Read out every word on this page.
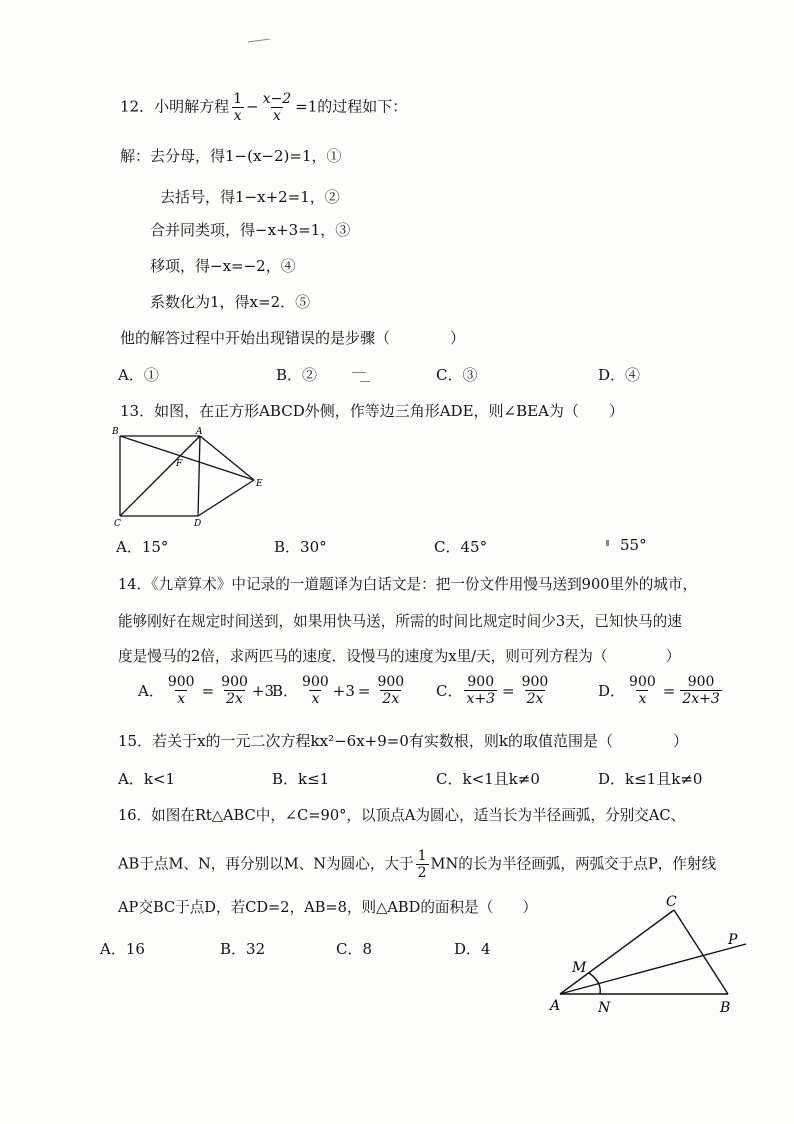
12．小明解方程 $\frac{1}{x} - \frac{x-2}{x} =1$的过程如下：
解：去分母，得1−(x−2)=1，①
去括号，得1−x+2=1，②
合并同类项，得−x+3=1，③
移项，得−x=−2，④
系数化为1，得x=2．⑤
他的解答过程中开始出现错误的是步骤（　　　　）
A．①	B．②	C．③	D．④
13．如图，在正方形ABCD外侧，作等边三角形ADE，则∠BEA为（　　）
B	A
F
E
C	D
A．15°	B．30°	C．45°	55°
14．《九章算术》中记录的一道题译为白话文是：把一份文件用慢马送到900里外的城市，
能够刚好在规定时间送到，如果用快马送，所需的时间比规定时间少3天，已知快马的速
度是慢马的2倍，求两匹马的速度．设慢马的速度为x里/天，则可列方程为（　　　　）
A． $\frac{900}{x} = \frac{900}{2x} +3$
B． $\frac{900}{x} +3 = \frac{900}{2x}$ C． $\frac{900}{x+3} = \frac{900}{2x}$	D． $\frac{900}{x} = \frac{900}{2x+3}$
15．若关于x的一元二次方程kx²−6x+9=0有实数根，则k的取值范围是（　　　　）
A．k<1	B．k≤1	C．k<1且k≠0	D．k≤1且k≠0
16．如图在Rt△ABC中，∠C=90°，以顶点A为圆心，适当长为半径画弧，分别交AC、
AB于点M、N，再分别以M、N为圆心，大于 $\frac{1}{2}$ MN的长为半径画弧，两弧交于点P，作射线
AP交BC于点D，若CD=2，AB=8，则△ABD的面积是（　　）
A．16	B．32	C．8	D．4
C
P
M
A	N	B
